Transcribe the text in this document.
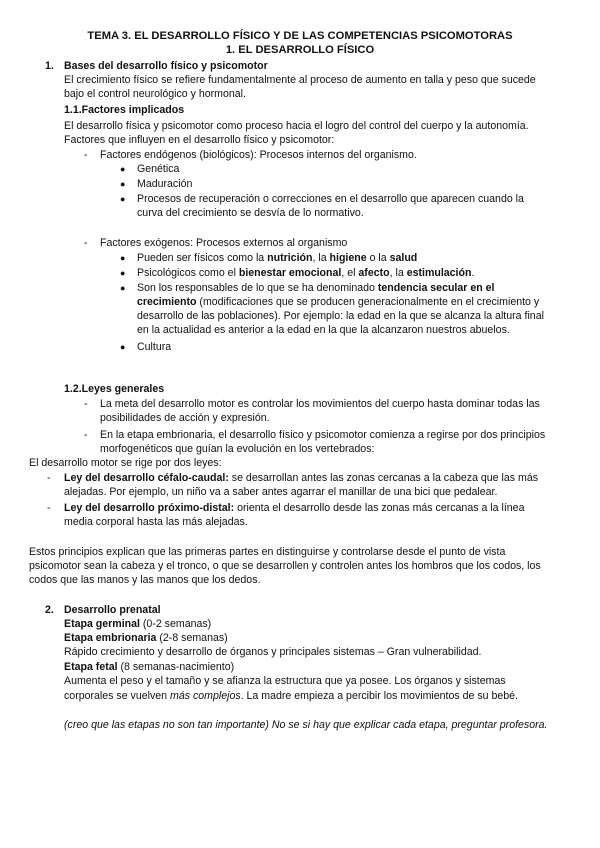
TEMA 3. EL DESARROLLO FÍSICO Y DE LAS COMPETENCIAS PSICOMOTORAS
1. EL DESARROLLO FÍSICO
1. Bases del desarrollo físico y psicomotor
El crecimiento físico se refiere fundamentalmente al proceso de aumento en talla y peso que sucede
bajo el control neurológico y hormonal.
1.1.Factores implicados
El desarrollo física y psicomotor como proceso hacia el logro del control del cuerpo y la autonomía.
Factores que influyen en el desarrollo físico y psicomotor:
- Factores endógenos (biológicos): Procesos internos del organismo.
● Genética
● Maduración
● Procesos de recuperación o correcciones en el desarrollo que aparecen cuando la
curva del crecimiento se desvía de lo normativo.
- Factores exógenos: Procesos externos al organismo
● Pueden ser físicos como la nutrición, la higiene o la salud
● Psicológicos como el bienestar emocional, el afecto, la estimulación.
● Son los responsables de lo que se ha denominado tendencia secular en el
crecimiento (modificaciones que se producen generacionalmente en el crecimiento y
desarrollo de las poblaciones). Por ejemplo: la edad en la que se alcanza la altura final
en la actualidad es anterior a la edad en la que la alcanzaron nuestros abuelos.
● Cultura
1.2.Leyes generales
- La meta del desarrollo motor es controlar los movimientos del cuerpo hasta dominar todas las
posibilidades de acción y expresión.
- En la etapa embrionaria, el desarrollo físico y psicomotor comienza a regirse por dos principios
morfogenéticos que guían la evolución en los vertebrados:
El desarrollo motor se rige por dos leyes:
- Ley del desarrollo céfalo-caudal: se desarrollan antes las zonas cercanas a la cabeza que las más
alejadas. Por ejemplo, un niño va a saber antes agarrar el manillar de una bici que pedalear.
- Ley del desarrollo próximo-distal: orienta el desarrollo desde las zonas más cercanas a la línea
media corporal hasta las más alejadas.
Estos principios explican que las primeras partes en distinguirse y controlarse desde el punto de vista
psicomotor sean la cabeza y el tronco, o que se desarrollen y controlen antes los hombros que los codos, los
codos que las manos y las manos que los dedos.
2. Desarrollo prenatal
Etapa germinal (0-2 semanas)
Etapa embrionaria (2-8 semanas)
Rápido crecimiento y desarrollo de órganos y principales sistemas – Gran vulnerabilidad.
Etapa fetal (8 semanas-nacimiento)
Aumenta el peso y el tamaño y se afianza la estructura que ya posee. Los órganos y sistemas
corporales se vuelven más complejos. La madre empieza a percibir los movimientos de su bebé.
(creo que las etapas no son tan importante) No se si hay que explicar cada etapa, preguntar profesora.
